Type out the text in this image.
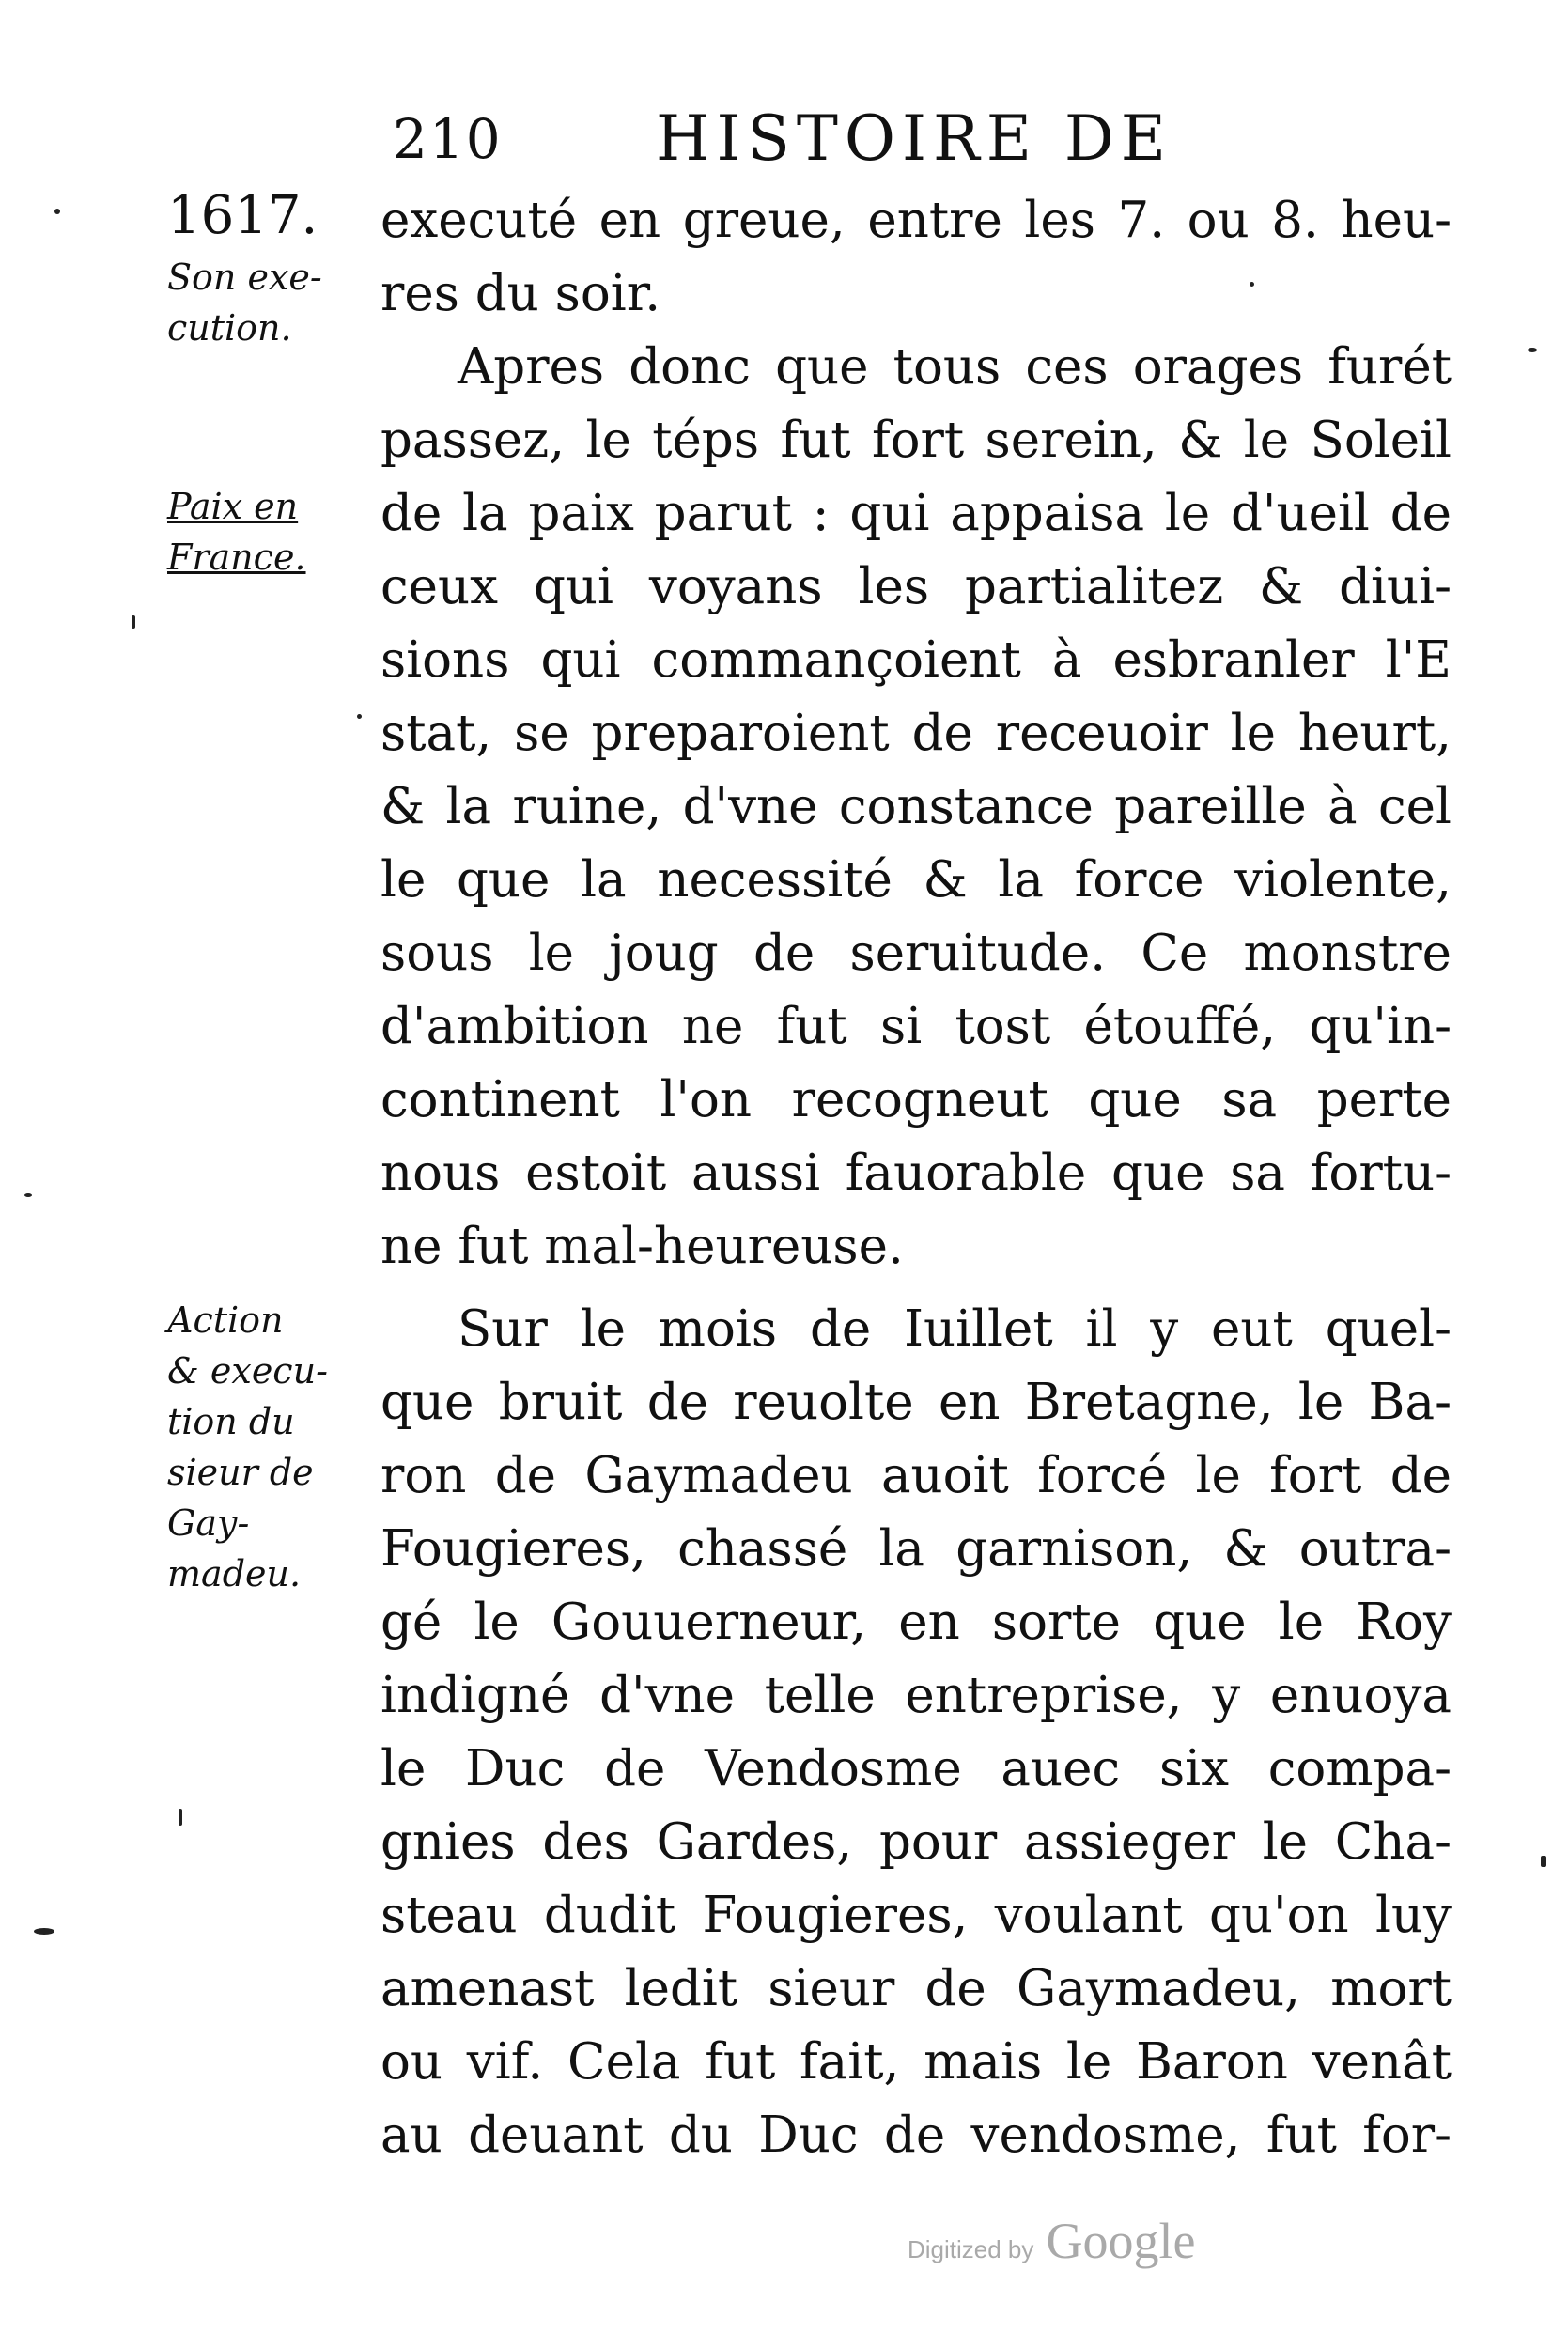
210 HISTOIRE DE
1617.
Son exe-
cution.
Paix en
France.
Action
& execu-
tion du
sieur de
Gay-
madeu.
executé en greue, entre les 7. ou 8. heu-
res du soir.
Apres donc que tous ces orages furét
passez, le téps fut fort serein, & le Soleil
de la paix parut : qui appaisa le d'ueil de
ceux qui voyans les partialitez & diui-
sions qui commançoient à esbranler l'E
stat, se preparoient de receuoir le heurt,
& la ruine, d'vne constance pareille à cel
le que la necessité & la force violente,
sous le joug de seruitude. Ce monstre
d'ambition ne fut si tost étouffé, qu'in-
continent l'on recogneut que sa perte
nous estoit aussi fauorable que sa fortu-
ne fut mal-heureuse.
Sur le mois de Iuillet il y eut quel-
que bruit de reuolte en Bretagne, le Ba-
ron de Gaymadeu auoit forcé le fort de
Fougieres, chassé la garnison, & outra-
gé le Gouuerneur, en sorte que le Roy
indigné d'vne telle entreprise, y enuoya
le Duc de Vendosme auec six compa-
gnies des Gardes, pour assieger le Cha-
steau dudit Fougieres, voulant qu'on luy
amenast ledit sieur de Gaymadeu, mort
ou vif. Cela fut fait, mais le Baron venât
au deuant du Duc de vendosme, fut for-
Digitized by Google
